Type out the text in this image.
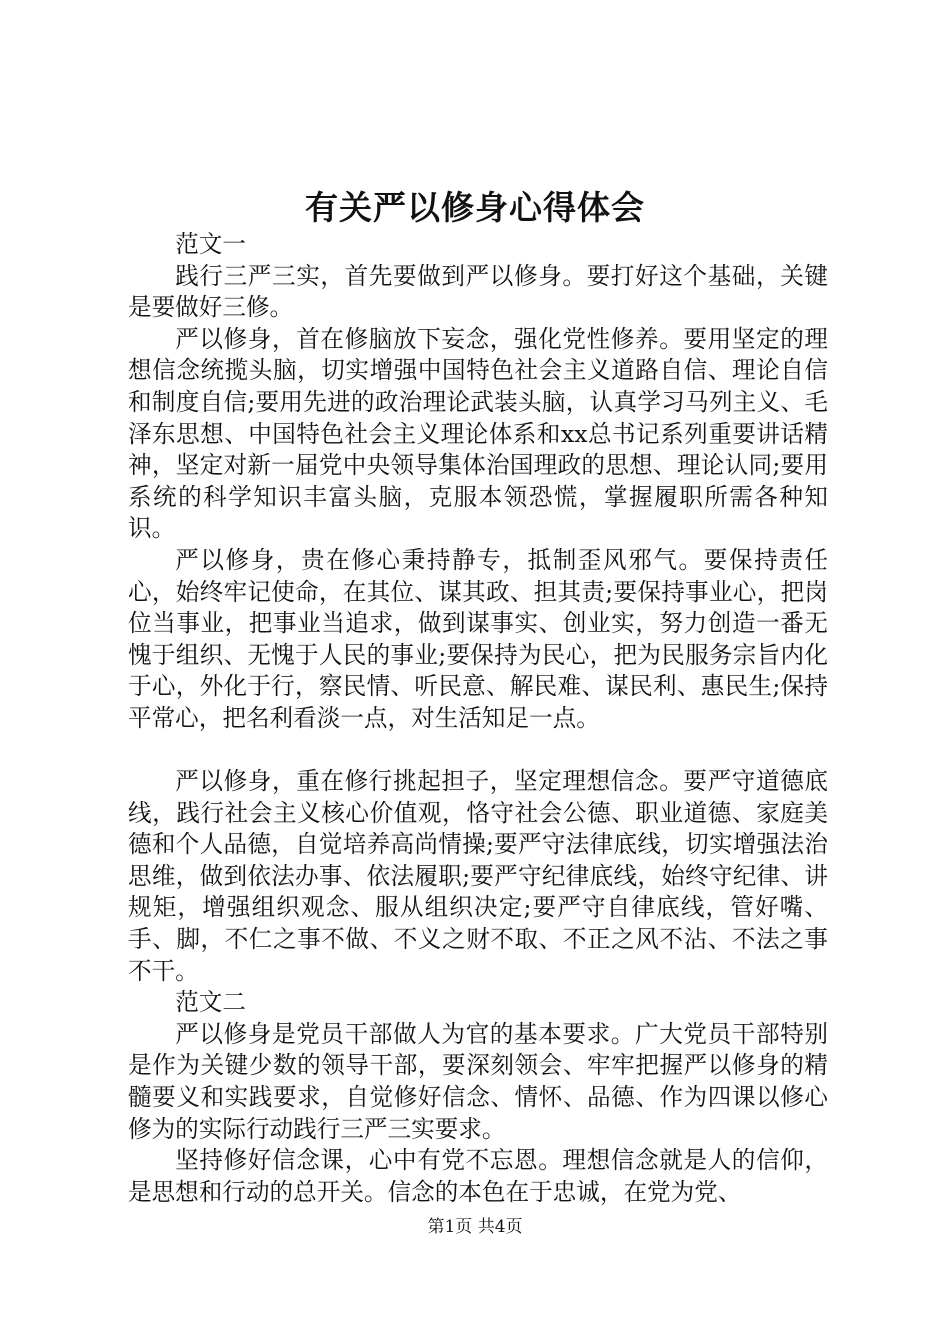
有关严以修身心得体会

范文一

践行三严三实，首先要做到严以修身。要打好这个基础，关键是要做好三修。

严以修身，首在修脑放下妄念，强化党性修养。要用坚定的理想信念统揽头脑，切实增强中国特色社会主义道路自信、理论自信和制度自信;要用先进的政治理论武装头脑，认真学习马列主义、毛泽东思想、中国特色社会主义理论体系和xx总书记系列重要讲话精神，坚定对新一届党中央领导集体治国理政的思想、理论认同;要用系统的科学知识丰富头脑，克服本领恐慌，掌握履职所需各种知识。

严以修身，贵在修心秉持静专，抵制歪风邪气。要保持责任心，始终牢记使命，在其位、谋其政、担其责;要保持事业心，把岗位当事业，把事业当追求，做到谋事实、创业实，努力创造一番无愧于组织、无愧于人民的事业;要保持为民心，把为民服务宗旨内化于心，外化于行，察民情、听民意、解民难、谋民利、惠民生;保持平常心，把名利看淡一点，对生活知足一点。

严以修身，重在修行挑起担子，坚定理想信念。要严守道德底线，践行社会主义核心价值观，恪守社会公德、职业道德、家庭美德和个人品德，自觉培养高尚情操;要严守法律底线，切实增强法治思维，做到依法办事、依法履职;要严守纪律底线，始终守纪律、讲规矩，增强组织观念、服从组织决定;要严守自律底线，管好嘴、手、脚，不仁之事不做、不义之财不取、不正之风不沾、不法之事不干。

范文二

严以修身是党员干部做人为官的基本要求。广大党员干部特别是作为关键少数的领导干部，要深刻领会、牢牢把握严以修身的精髓要义和实践要求，自觉修好信念、情怀、品德、作为四课以修心修为的实际行动践行三严三实要求。

坚持修好信念课，心中有党不忘恩。理想信念就是人的信仰，是思想和行动的总开关。信念的本色在于忠诚，在党为党、

第1页 共4页
